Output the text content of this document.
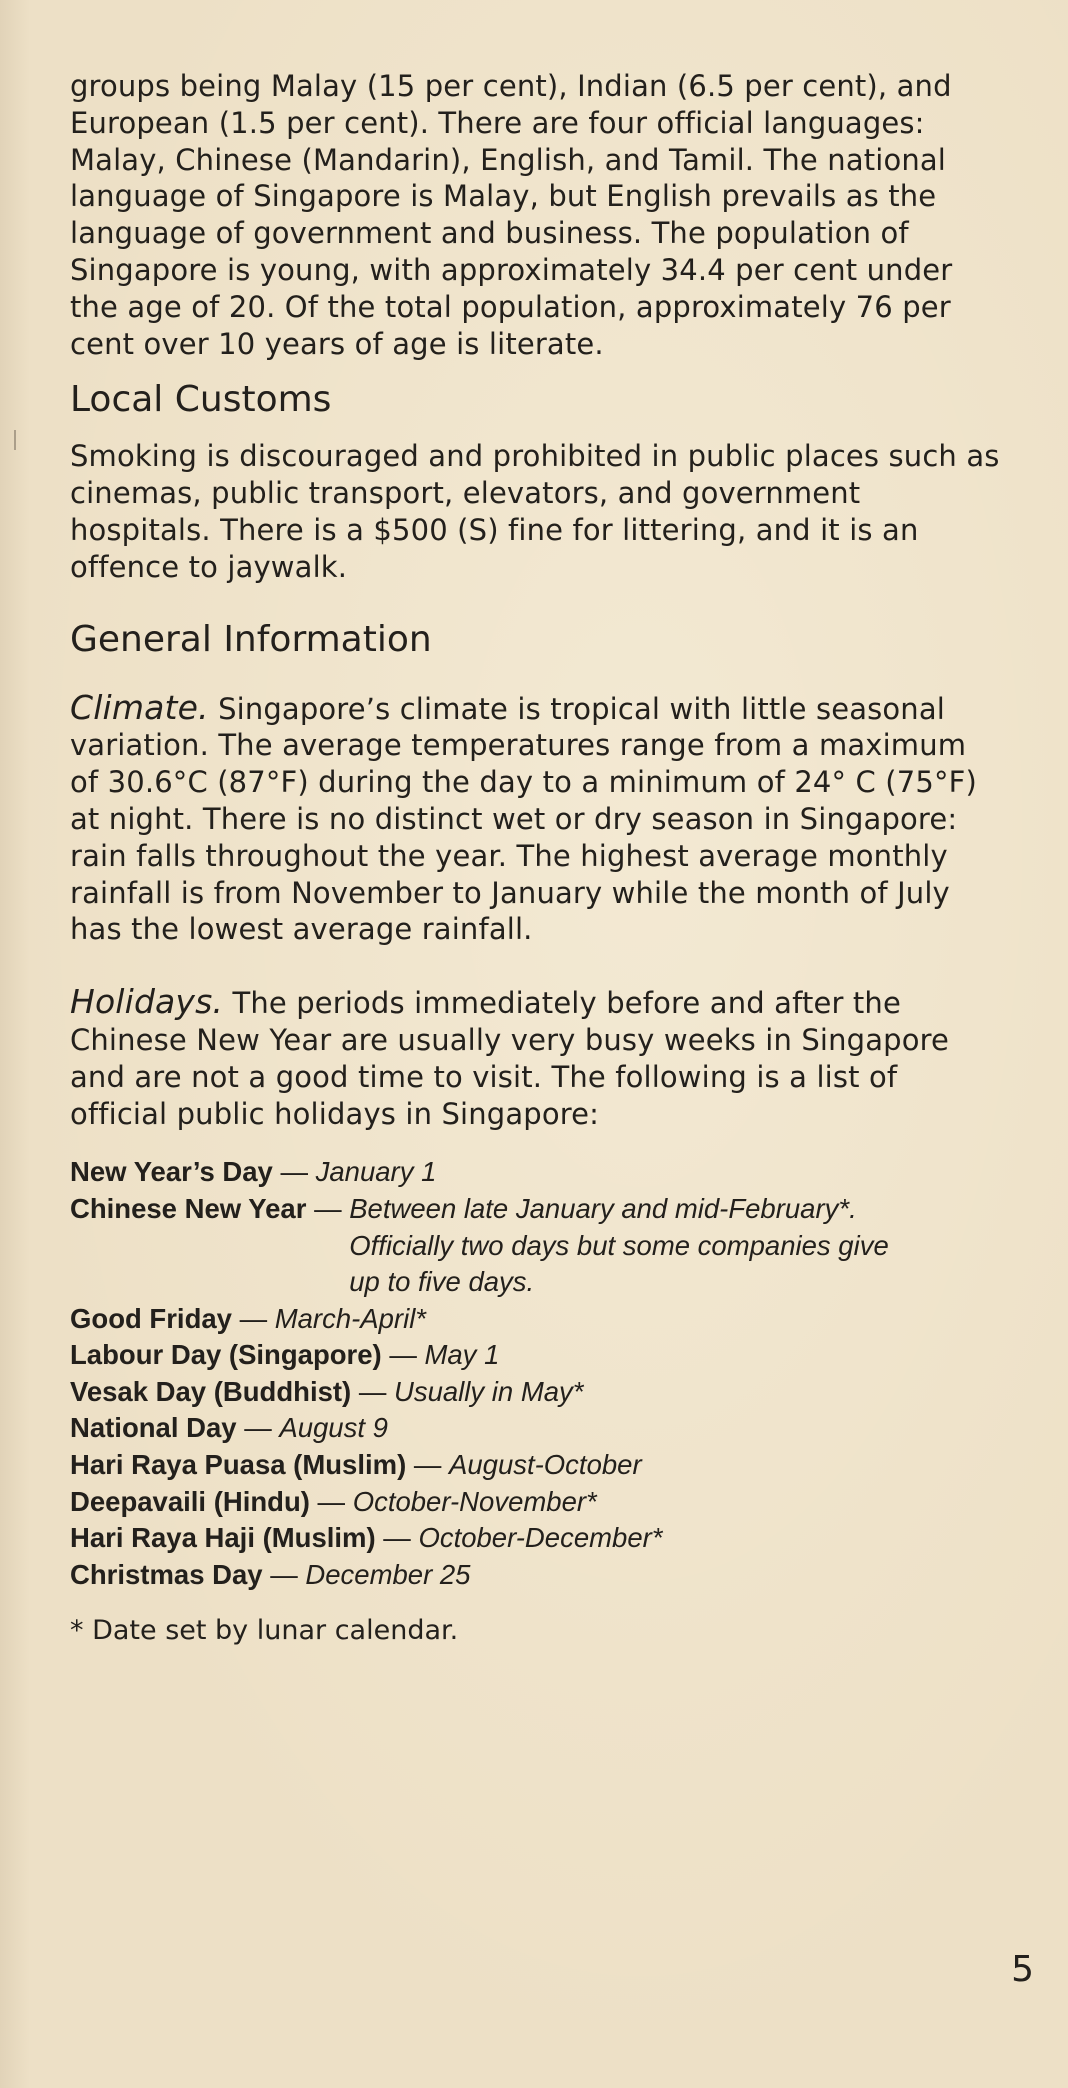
groups being Malay (15 per cent), Indian (6.5 per cent), and European (1.5 per cent). There are four official languages: Malay, Chinese (Mandarin), English, and Tamil. The national language of Singapore is Malay, but English prevails as the language of government and business. The population of Singapore is young, with approximately 34.4 per cent under the age of 20. Of the total population, approximately 76 per cent over 10 years of age is literate.

Local Customs

Smoking is discouraged and prohibited in public places such as cinemas, public transport, elevators, and government hospitals. There is a $500 (S) fine for littering, and it is an offence to jaywalk.

General Information

Climate. Singapore’s climate is tropical with little seasonal variation. The average temperatures range from a maximum of 30.6°C (87°F) during the day to a minimum of 24° C (75°F) at night. There is no distinct wet or dry season in Singapore: rain falls throughout the year. The highest average monthly rainfall is from November to January while the month of July has the lowest average rainfall.

Holidays. The periods immediately before and after the Chinese New Year are usually very busy weeks in Singapore and are not a good time to visit. The following is a list of official public holidays in Singapore:

New Year’s Day — January 1
Chinese New Year — Between late January and mid-February*. Officially two days but some companies give up to five days.
Good Friday — March-April*
Labour Day (Singapore) — May 1
Vesak Day (Buddhist) — Usually in May*
National Day — August 9
Hari Raya Puasa (Muslim) — August-October
Deepavaili (Hindu) — October-November*
Hari Raya Haji (Muslim) — October-December*
Christmas Day — December 25

* Date set by lunar calendar.

5
